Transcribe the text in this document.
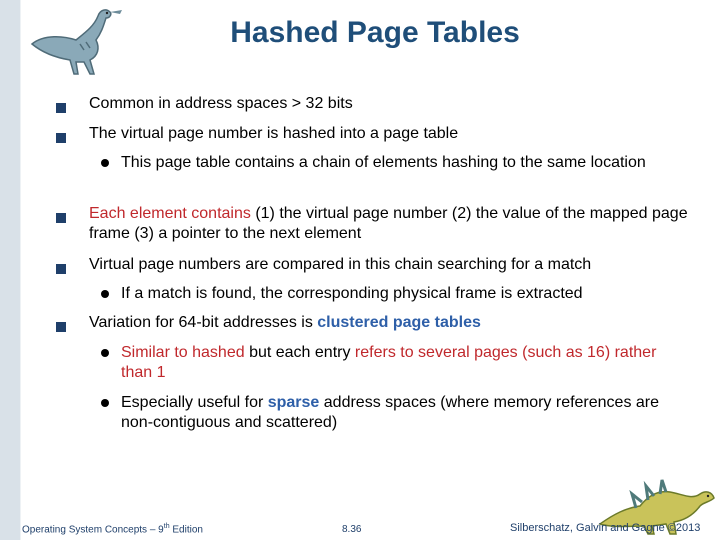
Hashed Page Tables
Common in address spaces > 32 bits
The virtual page number is hashed into a page table
This page table contains a chain of elements hashing to the same location
Each element contains (1) the virtual page number (2) the value of the mapped page frame (3) a pointer to the next element
Virtual page numbers are compared in this chain searching for a match
If a match is found, the corresponding physical frame is extracted
Variation for 64-bit addresses is clustered page tables
Similar to hashed but each entry refers to several pages (such as 16) rather than 1
Especially useful for sparse address spaces (where memory references are non-contiguous and scattered)
Operating System Concepts – 9th Edition	8.36	Silberschatz, Galvin and Gagne ©2013
